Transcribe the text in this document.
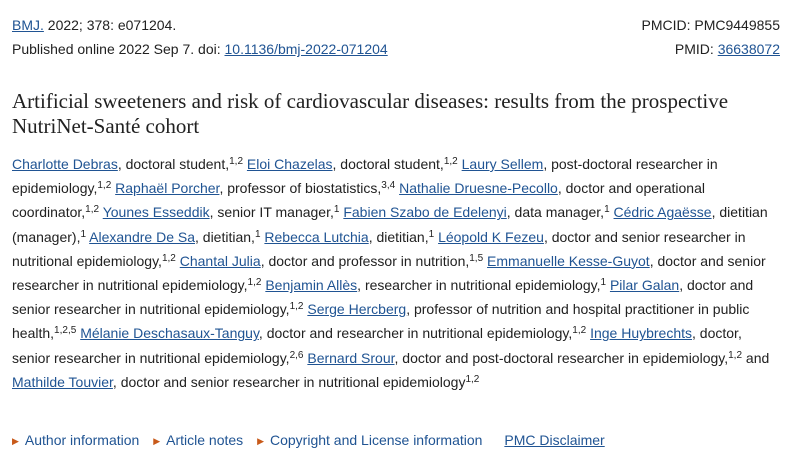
BMJ. 2022; 378: e071204.	PMCID: PMC9449855
Published online 2022 Sep 7. doi: 10.1136/bmj-2022-071204	PMID: 36638072
Artificial sweeteners and risk of cardiovascular diseases: results from the prospective NutriNet-Santé cohort
Charlotte Debras, doctoral student,$^{1,2}$ Eloi Chazelas, doctoral student,$^{1,2}$ Laury Sellem, post-doctoral researcher in epidemiology,$^{1,2}$ Raphaël Porcher, professor of biostatistics,$^{3,4}$ Nathalie Druesne-Pecollo, doctor and operational coordinator,$^{1,2}$ Younes Esseddik, senior IT manager,$^1$ Fabien Szabo de Edelenyi, data manager,$^1$ Cédric Agaësse, dietitian (manager),$^1$ Alexandre De Sa, dietitian,$^1$ Rebecca Lutchia, dietitian,$^1$ Léopold K Fezeu, doctor and senior researcher in nutritional epidemiology,$^{1,2}$ Chantal Julia, doctor and professor in nutrition,$^{1,5}$ Emmanuelle Kesse-Guyot, doctor and senior researcher in nutritional epidemiology,$^{1,2}$ Benjamin Allès, researcher in nutritional epidemiology,$^1$ Pilar Galan, doctor and senior researcher in nutritional epidemiology,$^{1,2}$ Serge Hercberg, professor of nutrition and hospital practitioner in public health,$^{1,2,5}$ Mélanie Deschasaux-Tanguy, doctor and researcher in nutritional epidemiology,$^{1,2}$ Inge Huybrechts, doctor, senior researcher in nutritional epidemiology,$^{2,6}$ Bernard Srour, doctor and post-doctoral researcher in epidemiology,$^{1,2}$ and Mathilde Touvier, doctor and senior researcher in nutritional epidemiology$^{1,2}$
▶ Author information ▶ Article notes ▶ Copyright and License information PMC Disclaimer
